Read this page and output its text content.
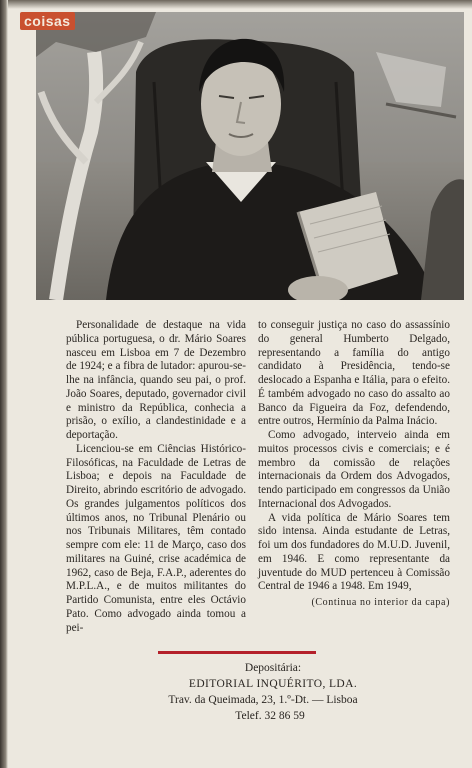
coisas

Personalidade de destaque na vida pública portuguesa, o dr. Mário Soares nasceu em Lisboa em 7 de Dezembro de 1924; e a fibra de lutador: apurou-se-lhe na infância, quando seu pai, o prof. João Soares, deputado, governador civil e ministro da República, conhecia a prisão, o exílio, a clandestinidade e a deportação.

Licenciou-se em Ciências Histórico-Filosóficas, na Faculdade de Letras de Lisboa; e depois na Faculdade de Direito, abrindo escritório de advogado. Os grandes julgamentos políticos dos últimos anos, no Tribunal Plenário ou nos Tribunais Militares, têm contado sempre com ele: 11 de Março, caso dos militares na Guiné, crise académica de 1962, caso de Beja, F.A.P., aderentes do M.P.L.A., e de muitos militantes do Partido Comunista, entre eles Octávio Pato. Como advogado ainda tomou a pei-

to conseguir justiça no caso do assassínio do general Humberto Delgado, representando a família do antigo candidato à Presidência, tendo-se deslocado a Espanha e Itália, para o efeito. É também advogado no caso do assalto ao Banco da Figueira da Foz, defendendo, entre outros, Hermínio da Palma Inácio.

Como advogado, interveio ainda em muitos processos civis e comerciais; e é membro da comissão de relações internacionais da Ordem dos Advogados, tendo participado em congressos da União Internacional dos Advogados.

A vida política de Mário Soares tem sido intensa. Ainda estudante de Letras, foi um dos fundadores do M.U.D. Juvenil, em 1946. E como representante da juventude do MUD pertenceu à Comissão Central de 1946 a 1948. Em 1949,

(Continua no interior da capa)
Depositária:
EDITORIAL INQUÉRITO, LDA.
Trav. da Queimada, 23, 1.º-Dt. — Lisboa
Telef. 32 86 59
